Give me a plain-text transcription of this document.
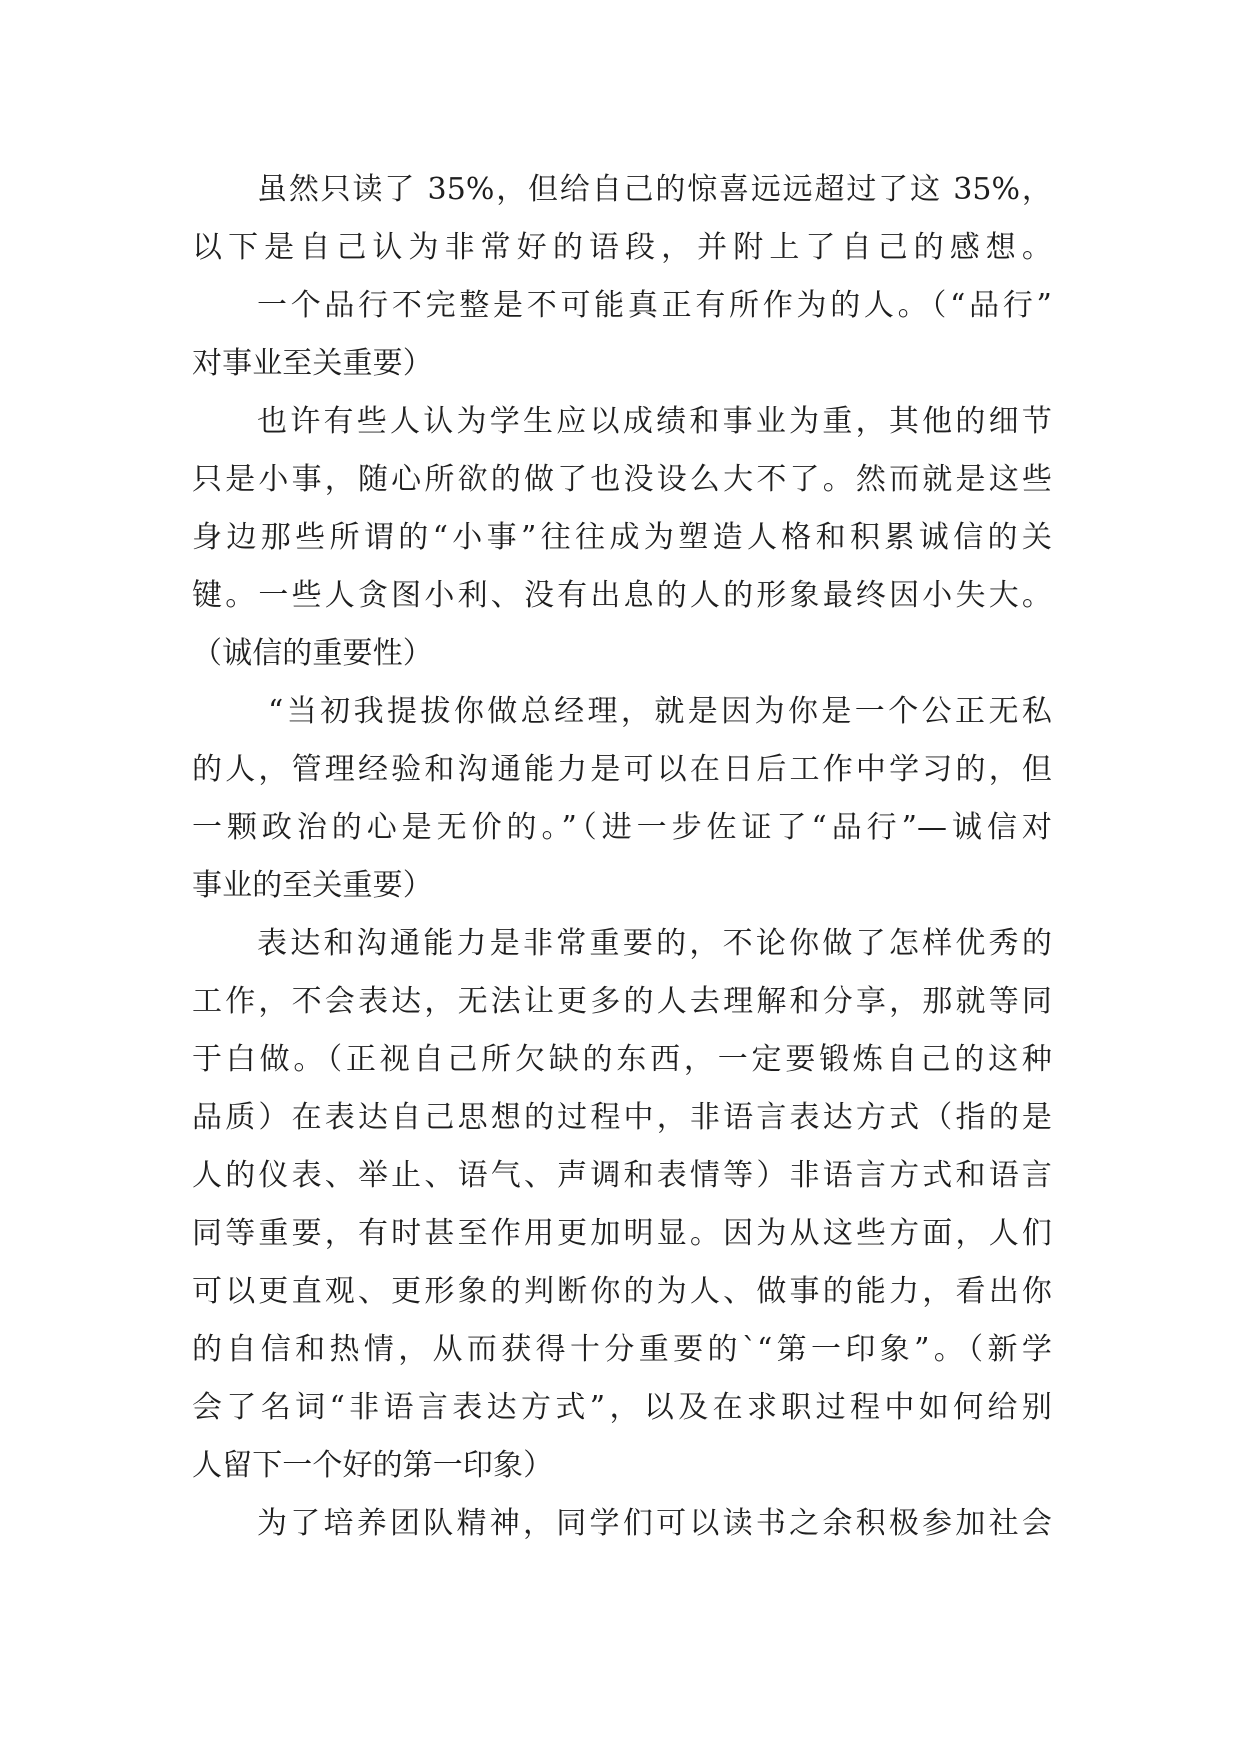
虽然只读了 35%，但给自己的惊喜远远超过了这 35%，
以下是自己认为非常好的语段，并附上了自己的感想。
一个品行不完整是不可能真正有所作为的人。（“品行”
对事业至关重要）
也许有些人认为学生应以成绩和事业为重，其他的细节
只是小事，随心所欲的做了也没设么大不了。然而就是这些
身边那些所谓的“小事”往往成为塑造人格和积累诚信的关
键。一些人贪图小利、没有出息的人的形象最终因小失大。
（诚信的重要性）
“当初我提拔你做总经理，就是因为你是一个公正无私
的人，管理经验和沟通能力是可以在日后工作中学习的，但
一颗政治的心是无价的。”（进一步佐证了“品行”—诚信对
事业的至关重要）
表达和沟通能力是非常重要的，不论你做了怎样优秀的
工作，不会表达，无法让更多的人去理解和分享，那就等同
于白做。（正视自己所欠缺的东西，一定要锻炼自己的这种
品质）在表达自己思想的过程中，非语言表达方式（指的是
人的仪表、举止、语气、声调和表情等）非语言方式和语言
同等重要，有时甚至作用更加明显。因为从这些方面，人们
可以更直观、更形象的判断你的为人、做事的能力，看出你
的自信和热情，从而获得十分重要的`“第一印象”。（新学
会了名词“非语言表达方式”，以及在求职过程中如何给别
人留下一个好的第一印象）
为了培养团队精神，同学们可以读书之余积极参加社会
